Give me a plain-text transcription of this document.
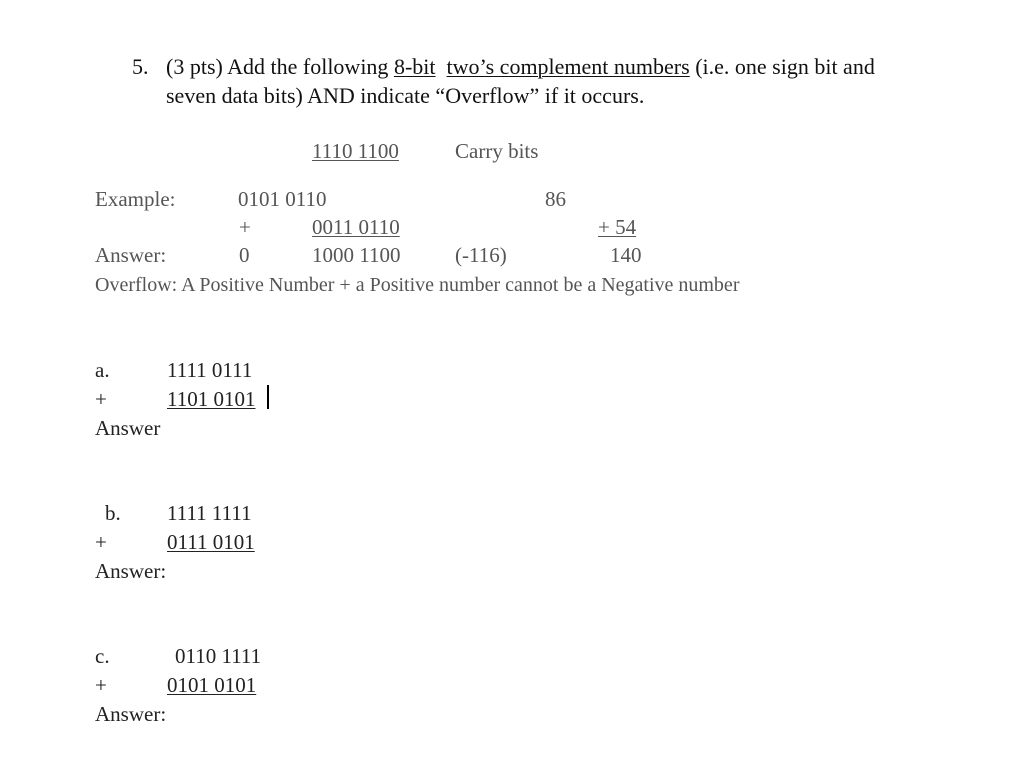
5. (3 pts) Add the following 8-bit two’s complement numbers (i.e. one sign bit and
seven data bits) AND indicate “Overflow” if it occurs.
1110 1100	Carry bits
Example:	0101 0110	86
+	0011 0110	+ 54
Answer:	0	1000 1100	(-116)	140
Overflow: A Positive Number + a Positive number cannot be a Negative number
a.	1111 0111
+	1101 0101
Answer
b. 1111 1111
+	0111 0101
Answer:
c.	0110 1111
+	0101 0101
Answer:
